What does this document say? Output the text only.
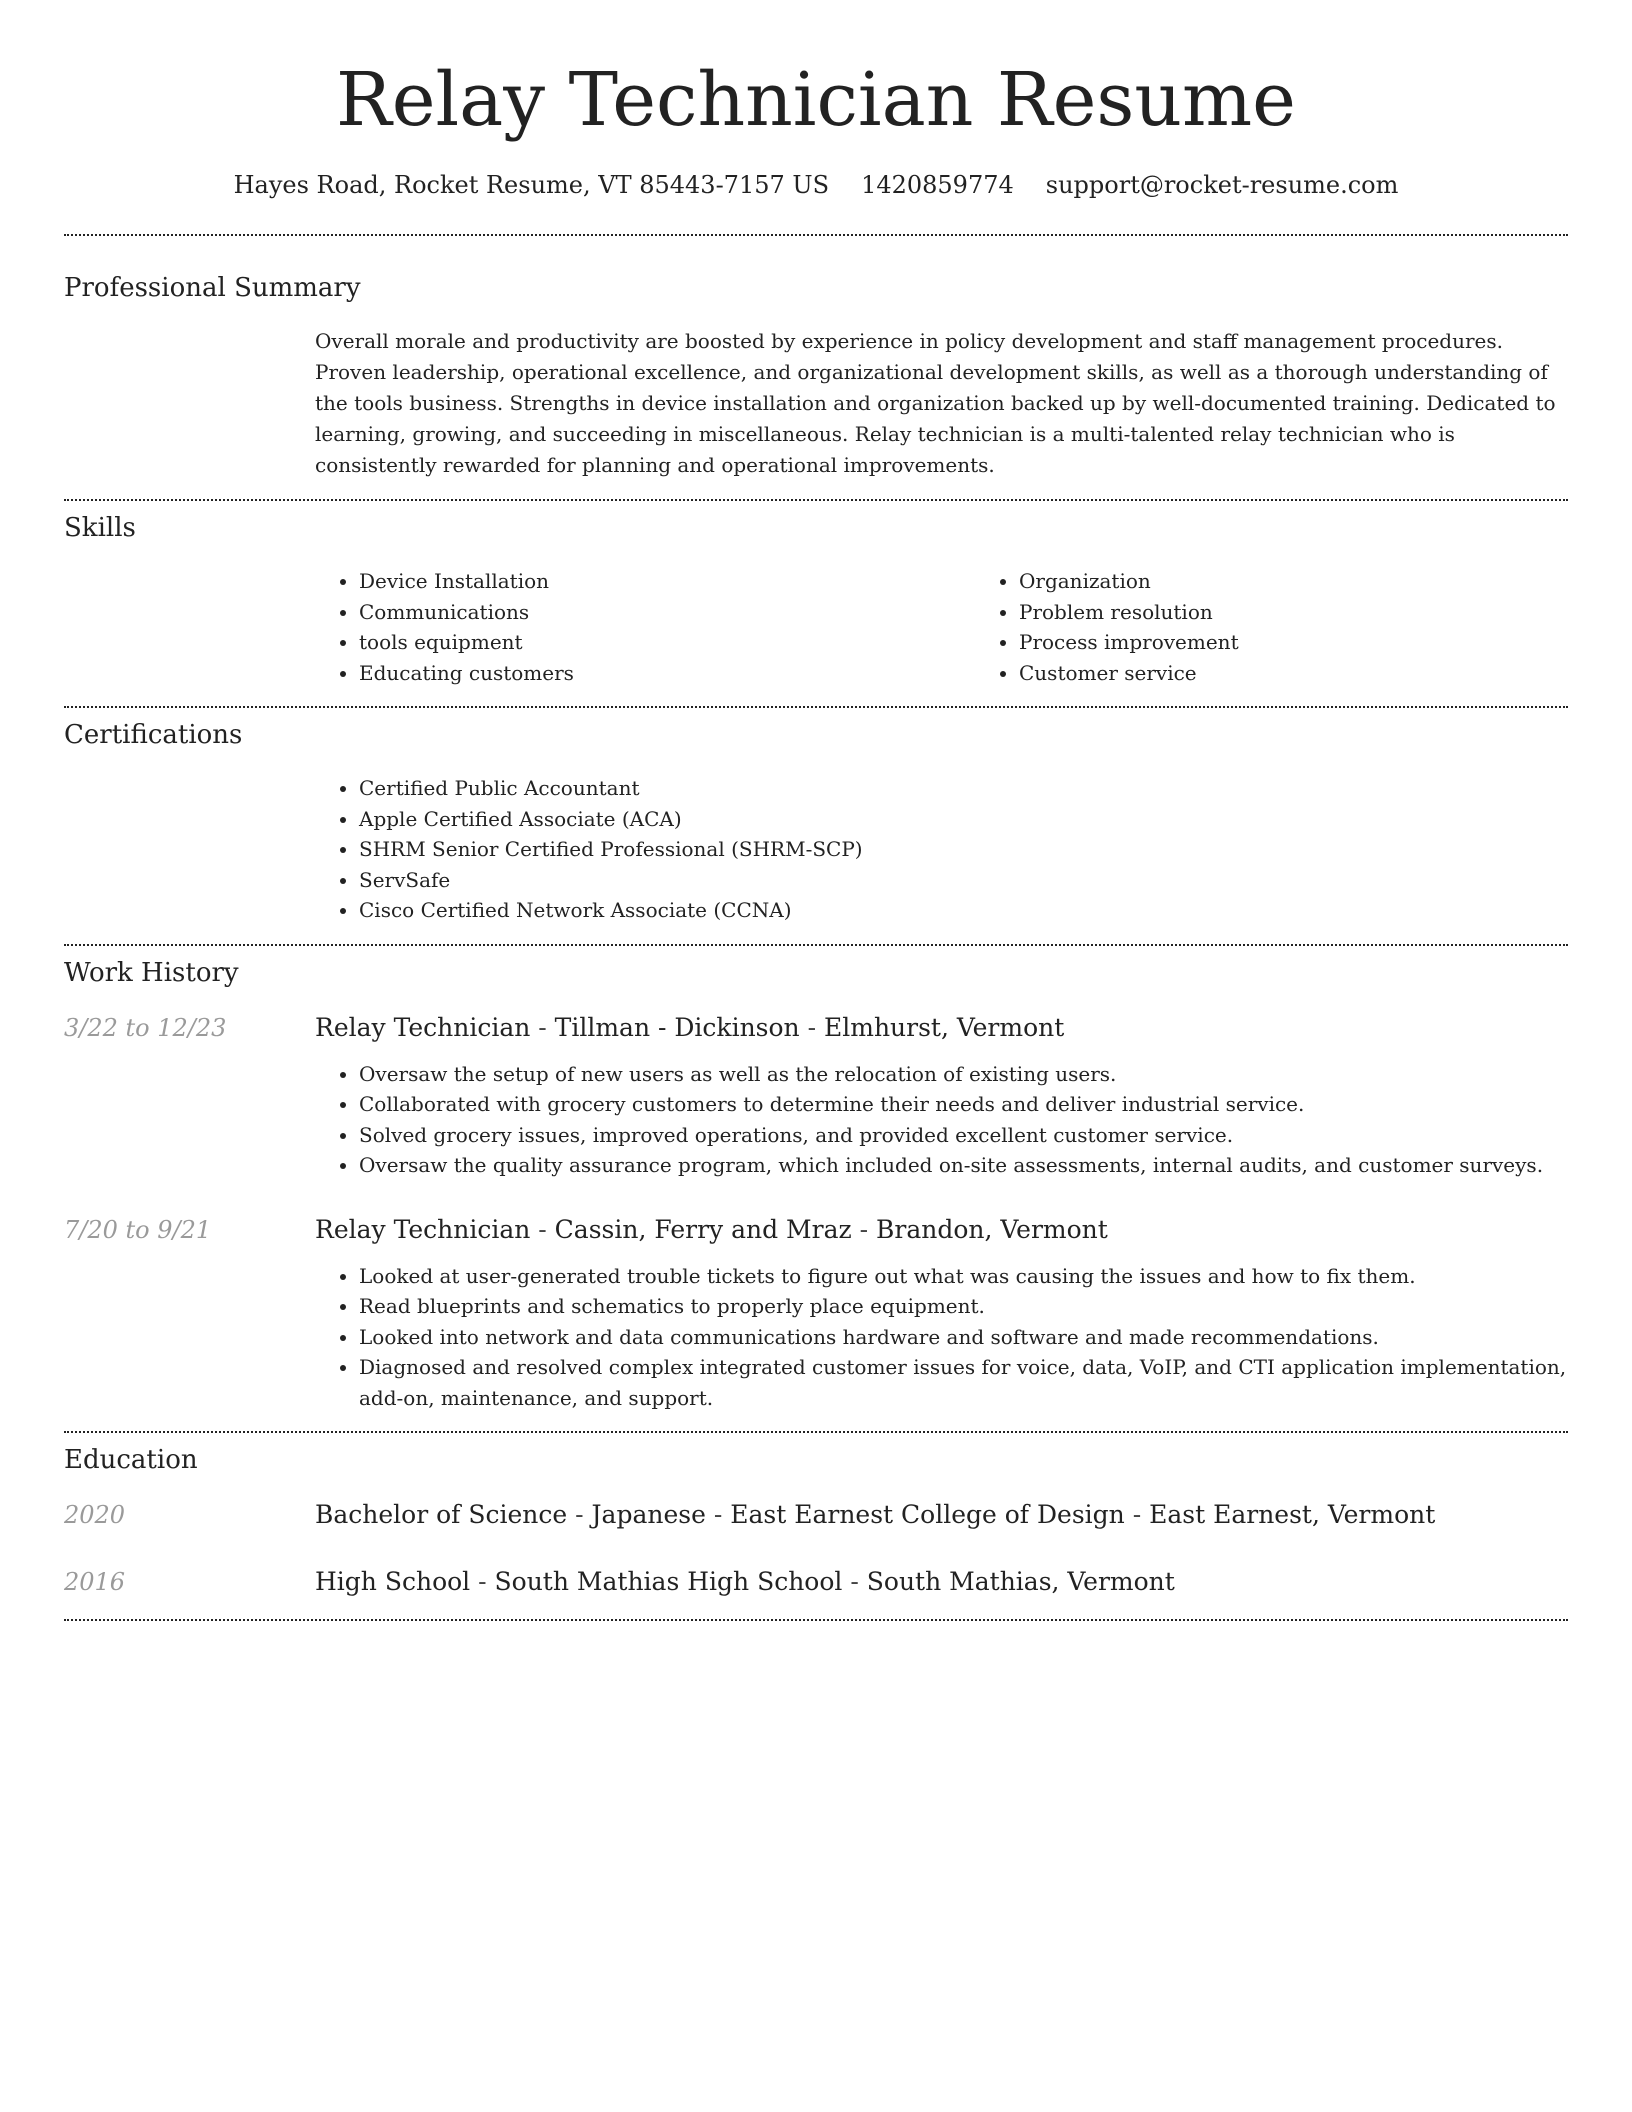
Relay Technician Resume
Hayes Road, Rocket Resume, VT 85443-7157 US 1420859774 support@rocket-resume.com
Professional Summary

Overall morale and productivity are boosted by experience in policy development and staff management procedures. Proven leadership, operational excellence, and organizational development skills, as well as a thorough understanding of the tools business. Strengths in device installation and organization backed up by well-documented training. Dedicated to learning, growing, and succeeding in miscellaneous. Relay technician is a multi-talented relay technician who is consistently rewarded for planning and operational improvements.

Skills
• Device Installation
• Communications
• tools equipment
• Educating customers
• Organization
• Problem resolution
• Process improvement
• Customer service
Certifications
• Certified Public Accountant
• Apple Certified Associate (ACA)
• SHRM Senior Certified Professional (SHRM-SCP)
• ServSafe
• Cisco Certified Network Associate (CCNA)
Work History
3/22 to 12/23	Relay Technician - Tillman - Dickinson - Elmhurst, Vermont
• Oversaw the setup of new users as well as the relocation of existing users.
• Collaborated with grocery customers to determine their needs and deliver industrial service.
• Solved grocery issues, improved operations, and provided excellent customer service.
• Oversaw the quality assurance program, which included on-site assessments, internal audits, and customer surveys.
7/20 to 9/21	Relay Technician - Cassin, Ferry and Mraz - Brandon, Vermont
• Looked at user-generated trouble tickets to figure out what was causing the issues and how to fix them.
• Read blueprints and schematics to properly place equipment.
• Looked into network and data communications hardware and software and made recommendations.
• Diagnosed and resolved complex integrated customer issues for voice, data, VoIP, and CTI application implementation, add-on, maintenance, and support.
Education
2020	Bachelor of Science - Japanese - East Earnest College of Design - East Earnest, Vermont
2016	High School - South Mathias High School - South Mathias, Vermont
